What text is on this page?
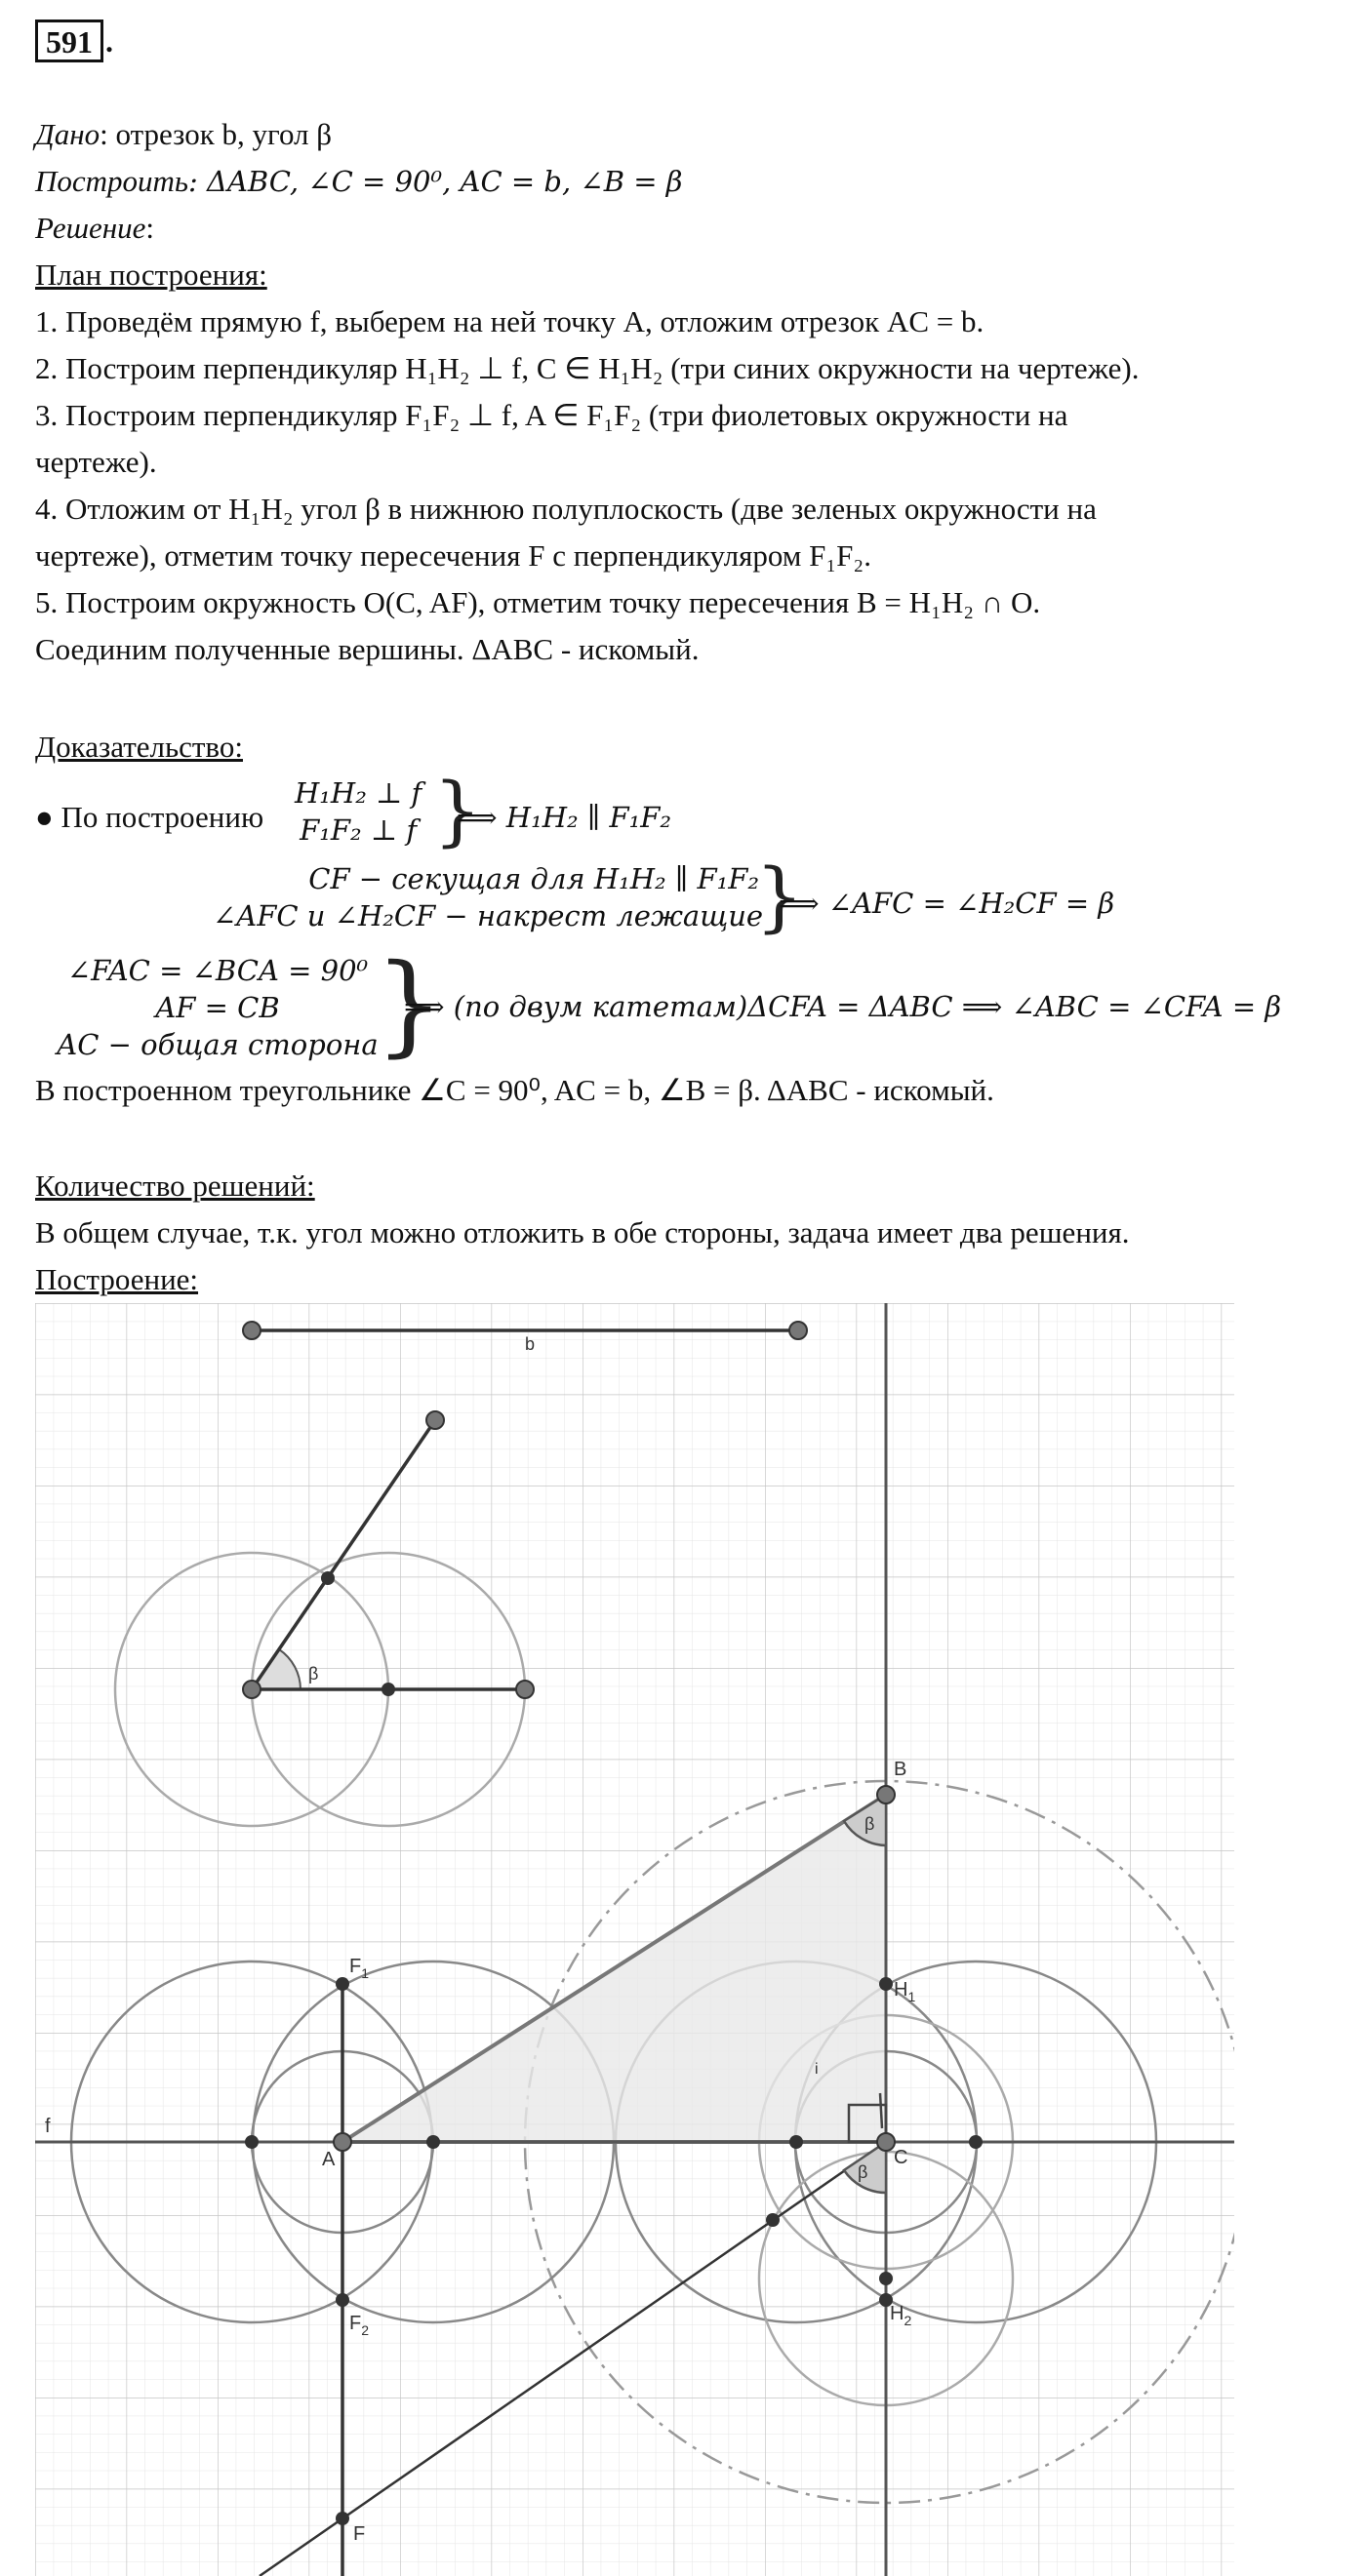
591 .
Дано: отрезок b, угол β
Построить: ΔABC, ∠C = 90⁰, AC = b, ∠B = β
Решение:
План построения:
1. Проведём прямую f, выберем на ней точку A, отложим отрезок AC = b.
2. Построим перпендикуляр H₁H₂ ⊥ f, C ∈ H₁H₂ (три синих окружности на чертеже).
3. Построим перпендикуляр F₁F₂ ⊥ f, A ∈ F₁F₂ (три фиолетовых окружности на
чертеже).
4. Отложим от H₁H₂ угол β в нижнюю полуплоскость (две зеленых окружности на
чертеже), отметим точку пересечения F с перпендикуляром F₁F₂.
5. Построим окружность O(C, AF), отметим точку пересечения B = H₁H₂ ∩ O.
Соединим полученные вершины. ΔABC - искомый.
Доказательство:
● По построению
H₁H₂ ⊥ f
F₁F₂ ⊥ f }
⟹ H₁H₂ ∥ F₁F₂
CF − секущая для H₁H₂ ∥ F₁F₂
∠AFC и ∠H₂CF − накрест лежащие
}
⟹ ∠AFC = ∠H₂CF = β
∠FAC = ∠BCA = 90⁰
AF = CB
AC − общая сторона
}
⟹ (по двум катетам)ΔCFA = ΔABC ⟹ ∠ABC = ∠CFA = β
В построенном треугольнике ∠C = 90⁰, AC = b, ∠B = β. ΔABC - искомый.
Количество решений:
В общем случае, т.к. угол можно отложить в обе стороны, задача имеет два решения.
Построение:
b
β
β
β
B
A	C
f
F
i
$F_1$
$F_2$
$H_1$
$H_2$
